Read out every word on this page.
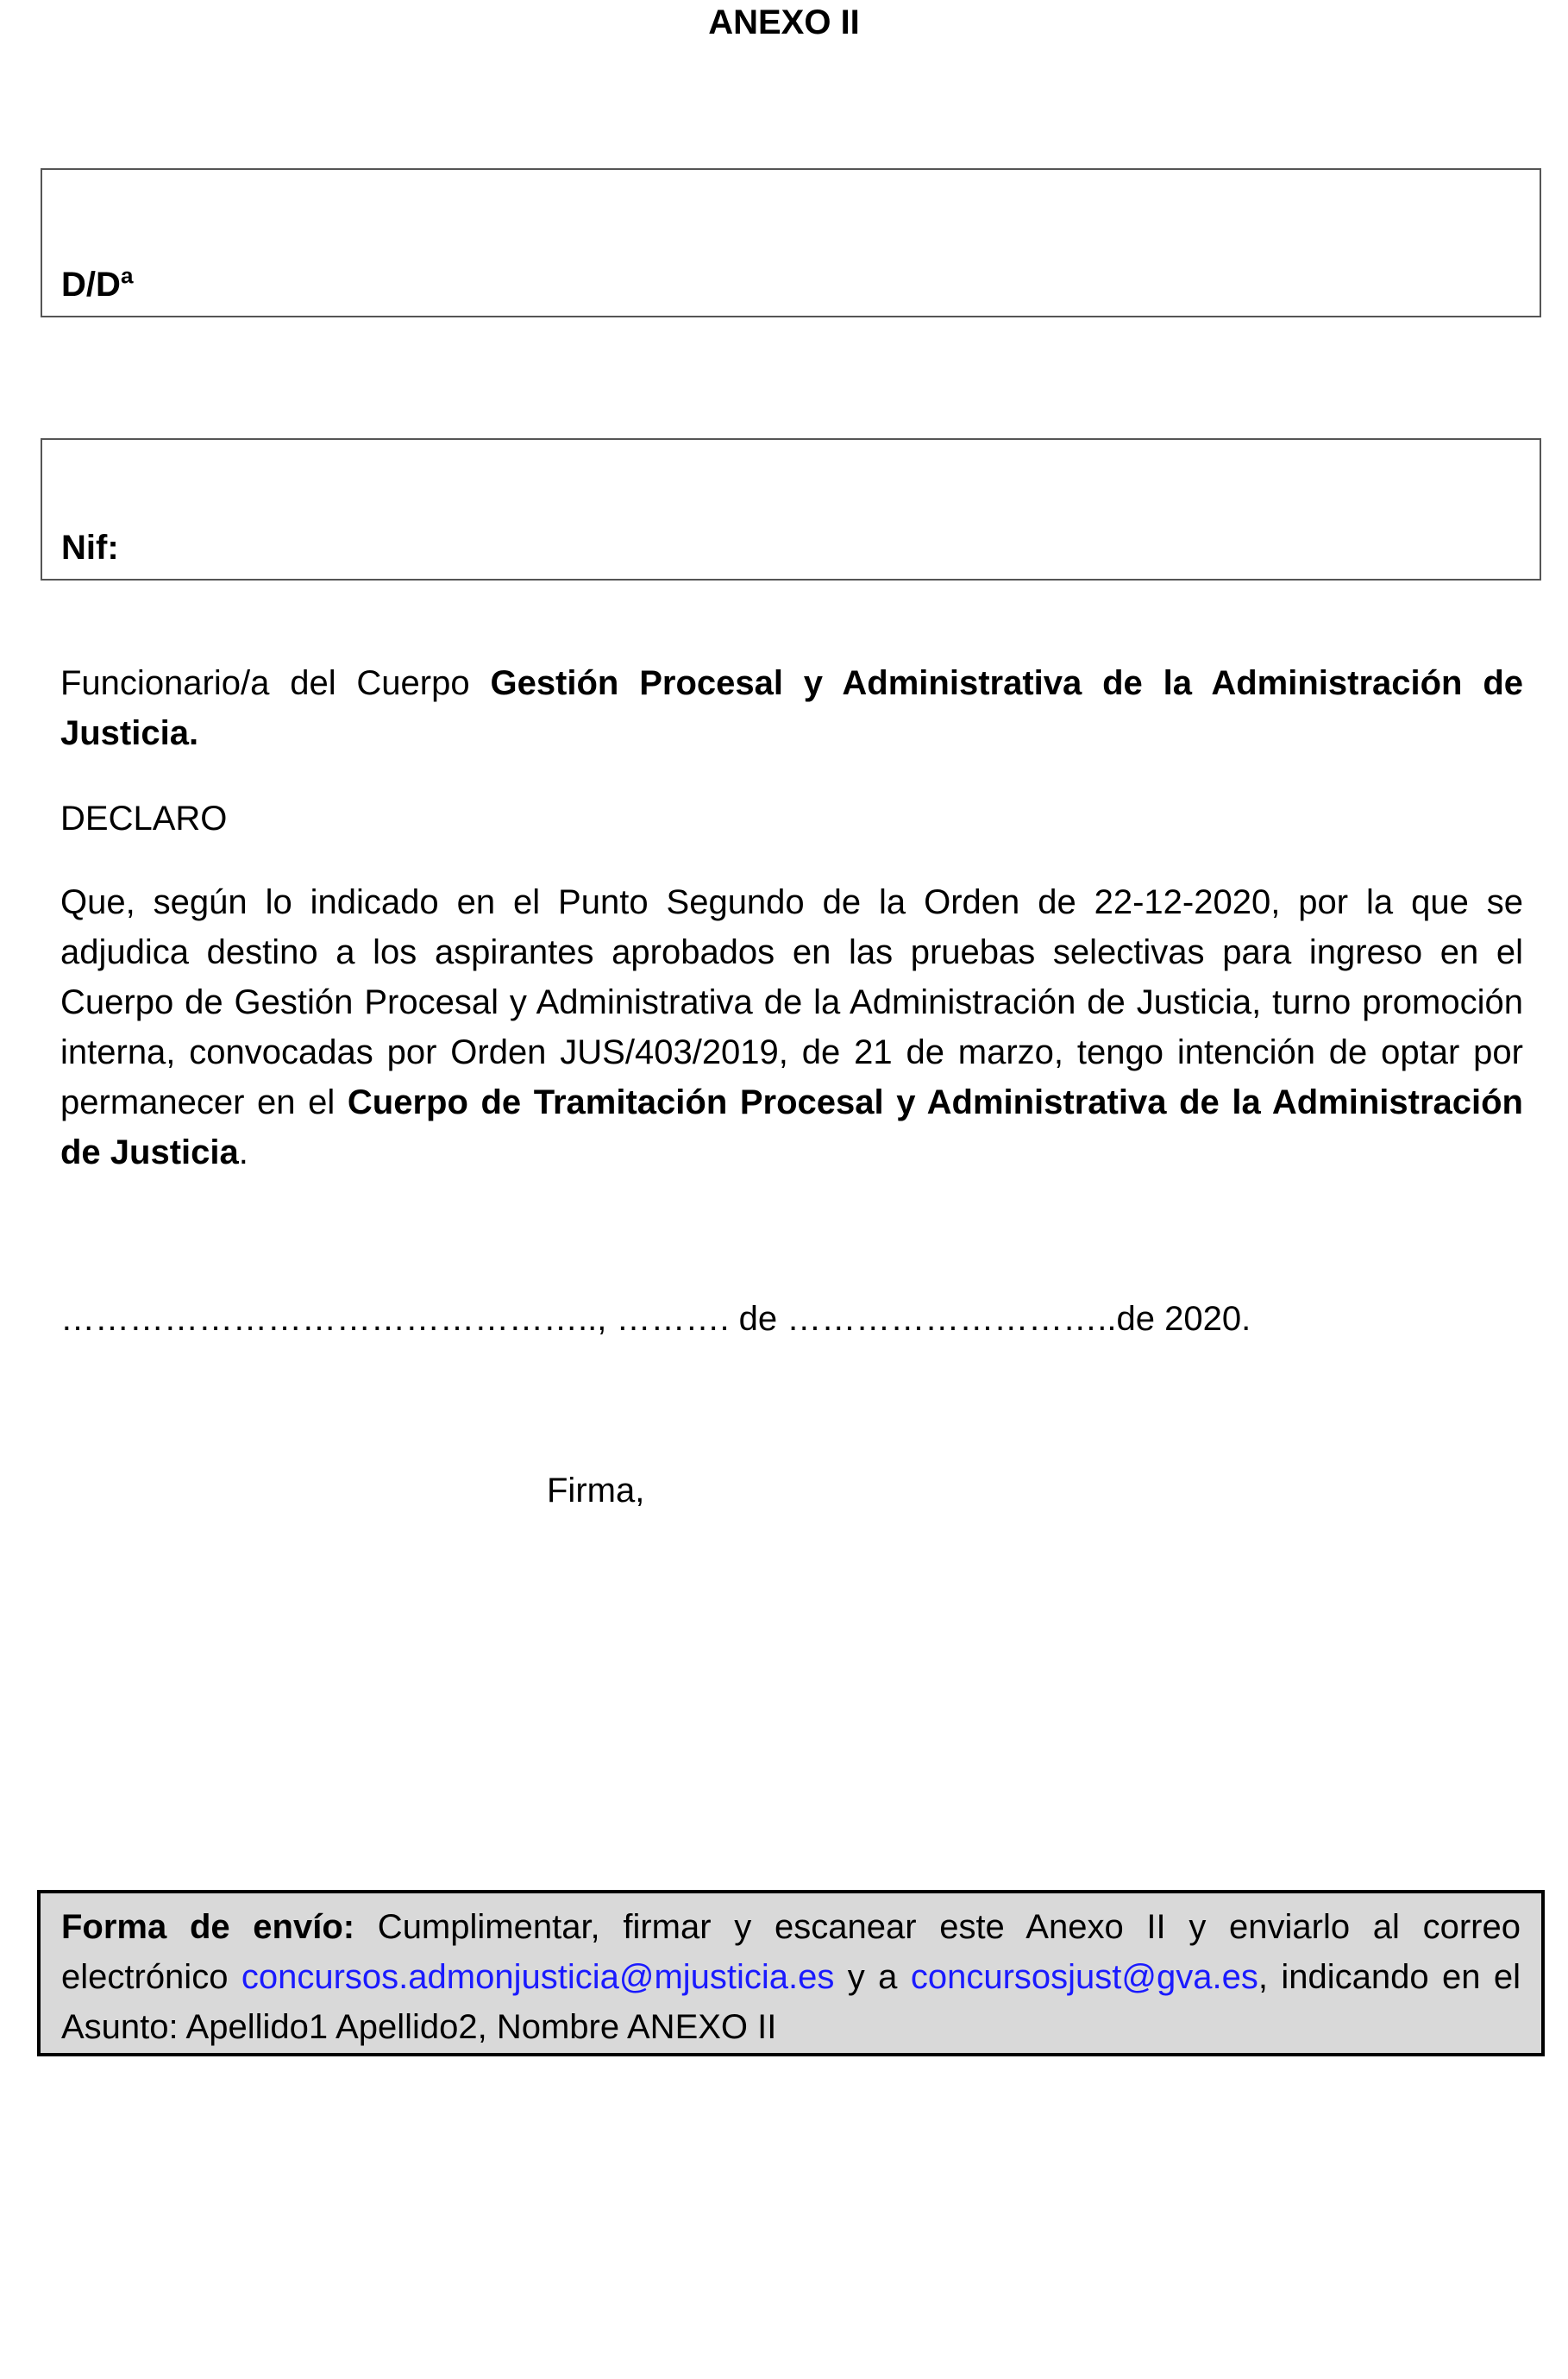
ANEXO II
D/Dª
Nif:
Funcionario/a del Cuerpo Gestión Procesal y Administrativa de la Administración de Justicia.
DECLARO
Que, según lo indicado en el Punto Segundo de la Orden de 22-12-2020, por la que se adjudica destino a los aspirantes aprobados en las pruebas selectivas para ingreso en el Cuerpo de Gestión Procesal y Administrativa de la Administración de Justicia, turno promoción interna, convocadas por Orden JUS/403/2019, de 21 de marzo, tengo intención de optar por permanecer en el Cuerpo de Tramitación Procesal y Administrativa de la Administración de Justicia.
……………………………………….., ………. de ………………………..de 2020.
Firma,
Forma de envío: Cumplimentar, firmar y escanear este Anexo II y enviarlo al correo electrónico concursos.admonjusticia@mjusticia.es y a concursosjust@gva.es, indicando en el Asunto: Apellido1 Apellido2, Nombre ANEXO II
